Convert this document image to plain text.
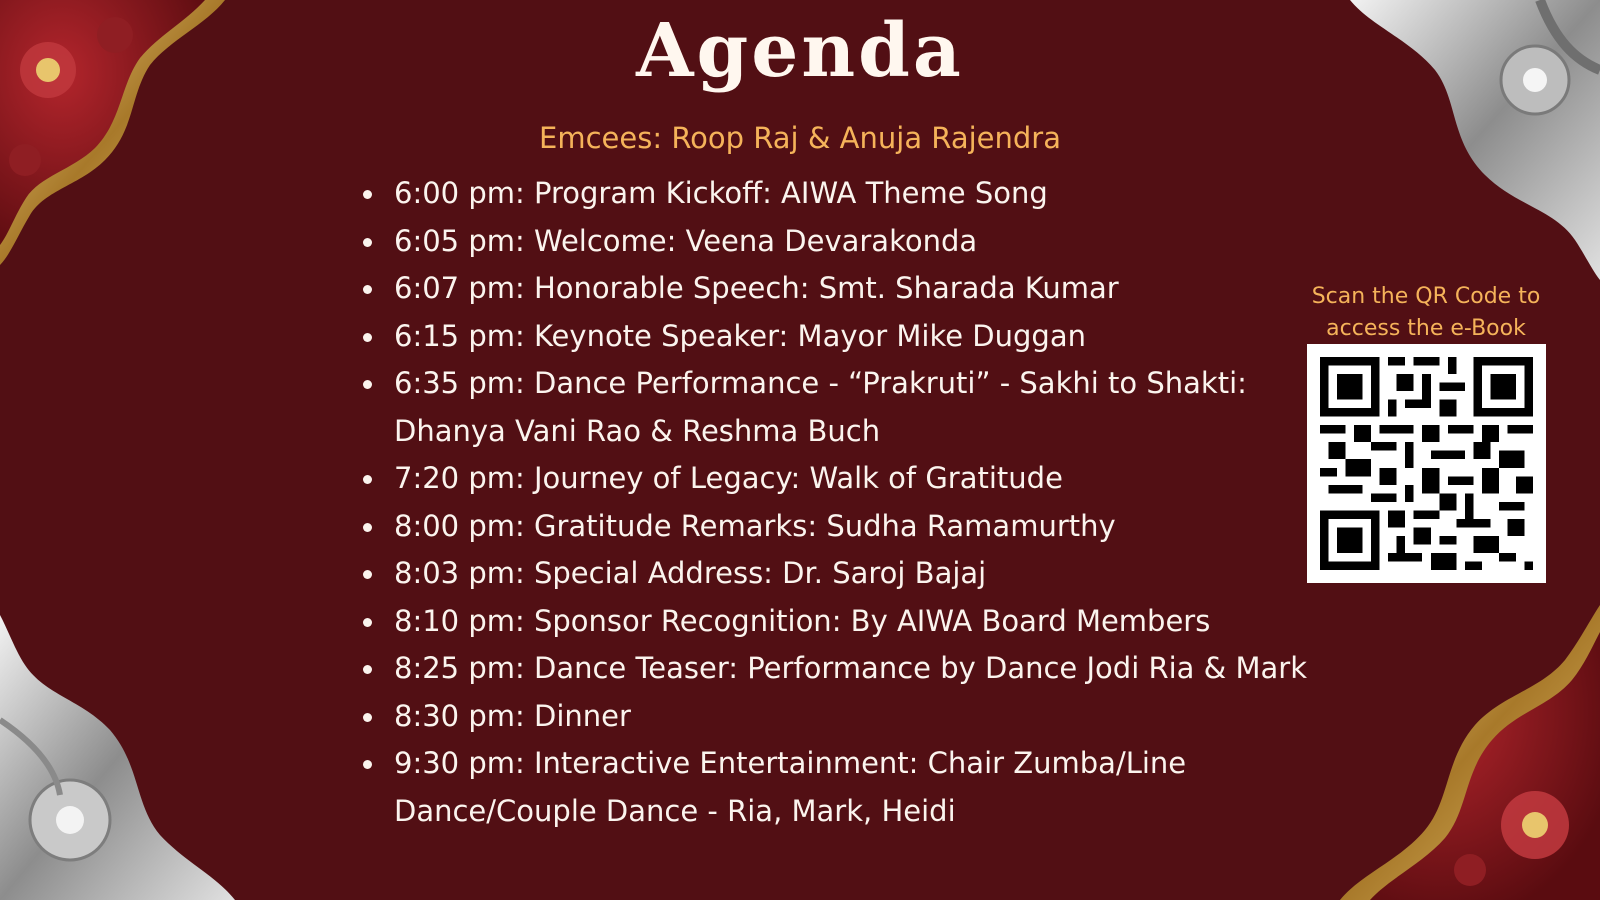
Agenda
Emcees: Roop Raj & Anuja Rajendra
6:00 pm: Program Kickoff: AIWA Theme Song
6:05 pm: Welcome: Veena Devarakonda
6:07 pm: Honorable Speech: Smt. Sharada Kumar
6:15 pm: Keynote Speaker: Mayor Mike Duggan
6:35 pm: Dance Performance - “Prakruti” - Sakhi to Shakti: Dhanya Vani Rao & Reshma Buch
7:20 pm: Journey of Legacy: Walk of Gratitude
8:00 pm: Gratitude Remarks: Sudha Ramamurthy
8:03 pm: Special Address: Dr. Saroj Bajaj
8:10 pm: Sponsor Recognition: By AIWA Board Members
8:25 pm: Dance Teaser: Performance by Dance Jodi Ria & Mark
8:30 pm: Dinner
9:30 pm: Interactive Entertainment: Chair Zumba/Line Dance/Couple Dance - Ria, Mark, Heidi
Scan the QR Code to access the e-Book
